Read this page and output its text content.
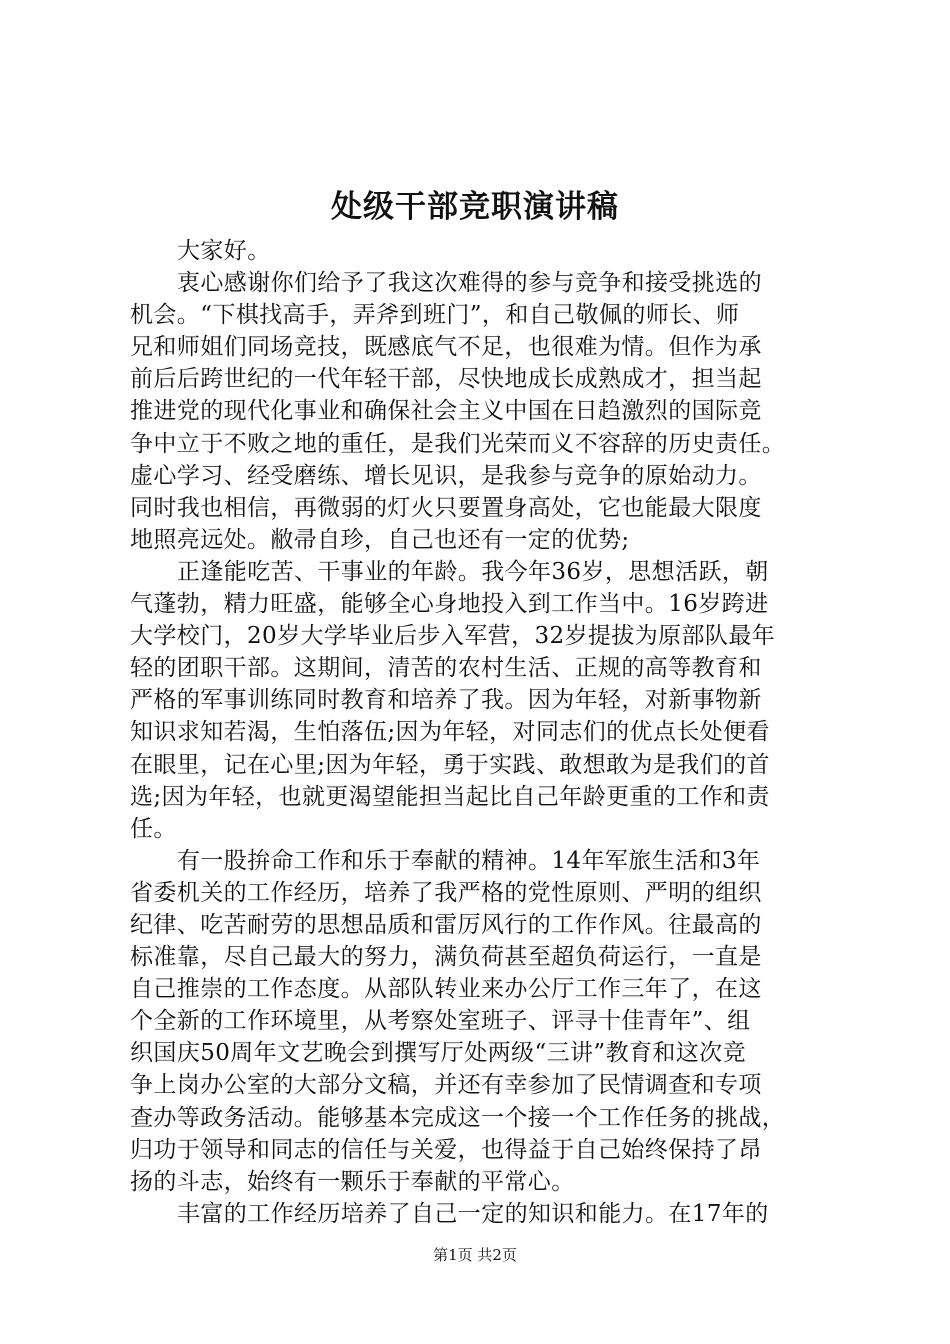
处级干部竞职演讲稿
大家好。
衷心感谢你们给予了我这次难得的参与竞争和接受挑选的
机会。“下棋找高手，弄斧到班门”，和自己敬佩的师长、师
兄和师姐们同场竞技，既感底气不足，也很难为情。但作为承
前后后跨世纪的一代年轻干部，尽快地成长成熟成才，担当起
推进党的现代化事业和确保社会主义中国在日趋激烈的国际竞
争中立于不败之地的重任，是我们光荣而义不容辞的历史责任。
虚心学习、经受磨练、增长见识，是我参与竞争的原始动力。
同时我也相信，再微弱的灯火只要置身高处，它也能最大限度
地照亮远处。敝帚自珍，自己也还有一定的优势;
正逢能吃苦、干事业的年龄。我今年36岁，思想活跃，朝
气蓬勃，精力旺盛，能够全心身地投入到工作当中。16岁跨进
大学校门，20岁大学毕业后步入军营，32岁提拔为原部队最年
轻的团职干部。这期间，清苦的农村生活、正规的高等教育和
严格的军事训练同时教育和培养了我。因为年轻，对新事物新
知识求知若渴，生怕落伍;因为年轻，对同志们的优点长处便看
在眼里，记在心里;因为年轻，勇于实践、敢想敢为是我们的首
选;因为年轻，也就更渴望能担当起比自己年龄更重的工作和责
任。
有一股拚命工作和乐于奉献的精神。14年军旅生活和3年
省委机关的工作经历，培养了我严格的党性原则、严明的组织
纪律、吃苦耐劳的思想品质和雷厉风行的工作作风。往最高的
标准靠，尽自己最大的努力，满负荷甚至超负荷运行，一直是
自己推崇的工作态度。从部队转业来办公厅工作三年了，在这
个全新的工作环境里，从考察处室班子、评寻十佳青年”、组
织国庆50周年文艺晚会到撰写厅处两级“三讲”教育和这次竞
争上岗办公室的大部分文稿，并还有幸参加了民情调查和专项
查办等政务活动。能够基本完成这一个接一个工作任务的挑战，
归功于领导和同志的信任与关爱，也得益于自己始终保持了昂
扬的斗志，始终有一颗乐于奉献的平常心。
丰富的工作经历培养了自己一定的知识和能力。在17年的
第1页 共2页
